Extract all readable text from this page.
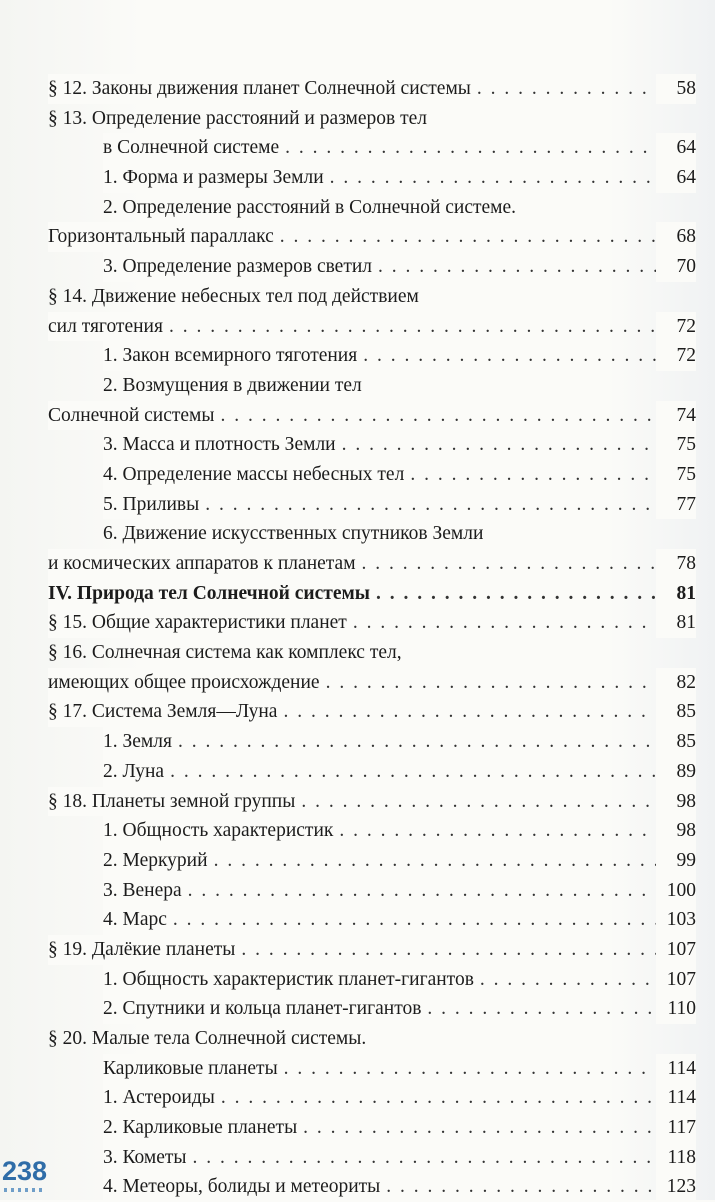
§ 12. Законы движения планет Солнечной системы . . .	58
§ 13. Определение расстояний и размеров тел
в Солнечной системе . . .	64
1. Форма и размеры Земли . . .	64
2. Определение расстояний в Солнечной системе.
Горизонтальный параллакс . . .	68
3. Определение размеров светил . . .	70
§ 14. Движение небесных тел под действием
сил тяготения . . .	72
1. Закон всемирного тяготения . . .	72
2. Возмущения в движении тел
Солнечной системы . . .	74
3. Масса и плотность Земли . . .	75
4. Определение массы небесных тел . . .	75
5. Приливы . . .	77
6. Движение искусственных спутников Земли
и космических аппаратов к планетам . . .	78
IV. Природа тел Солнечной системы . . .	81
§ 15. Общие характеристики планет . . .	81
§ 16. Солнечная система как комплекс тел,
имеющих общее происхождение . . .	82
§ 17. Система Земля—Луна . . .	85
1. Земля . . .	85
2. Луна . . .	89
§ 18. Планеты земной группы . . .	98
1. Общность характеристик . . .	98
2. Меркурий . . .	99
3. Венера . . .	100
4. Марс . . .	103
§ 19. Далёкие планеты . . .	107
1. Общность характеристик планет-гигантов . . .	107
2. Спутники и кольца планет-гигантов . . .	110
§ 20. Малые тела Солнечной системы.
Карликовые планеты . . .	114
1. Астероиды . . .	114
2. Карликовые планеты . . .	117
3. Кометы . . .	118
4. Метеоры, болиды и метеориты . . .	123
238
